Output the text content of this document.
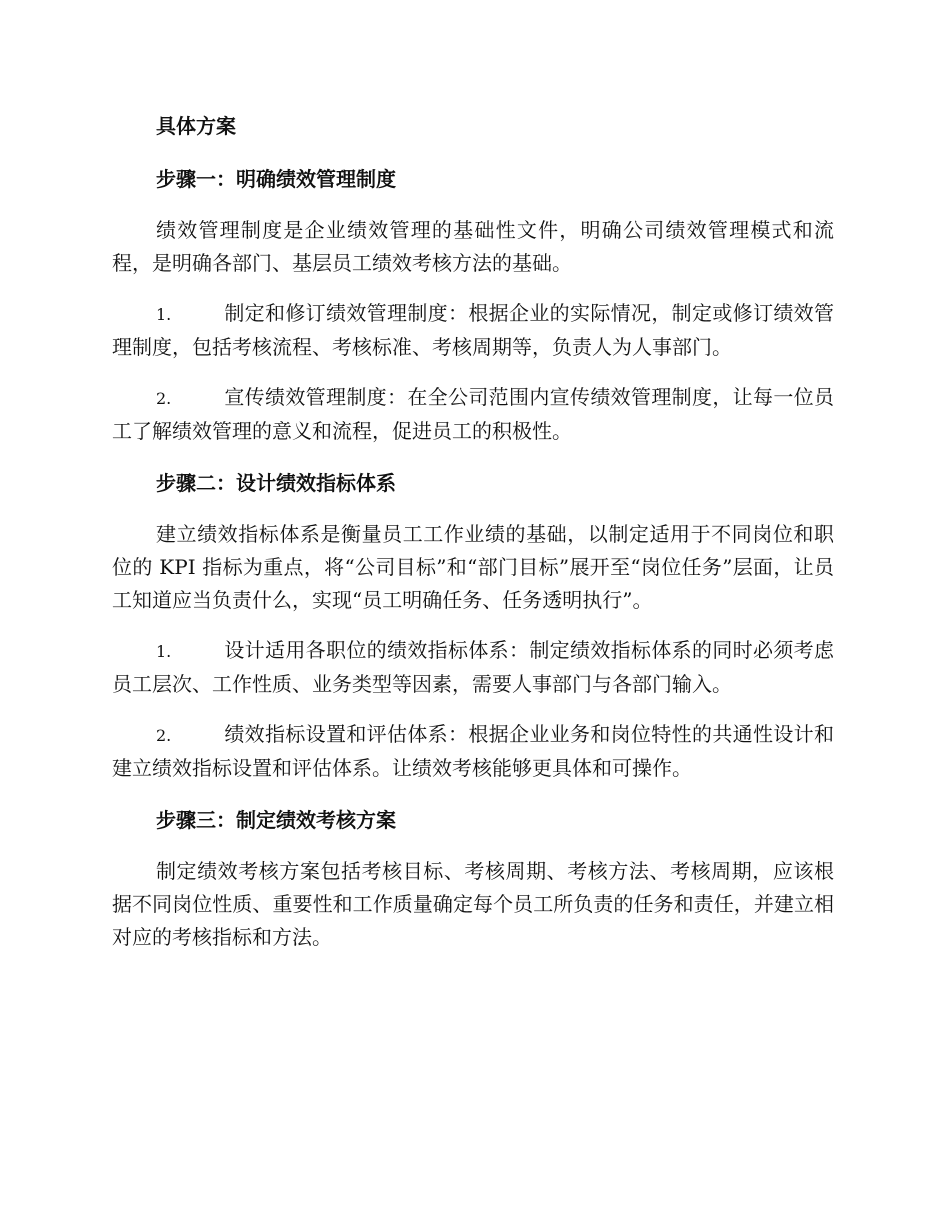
具体方案
步骤一：明确绩效管理制度

绩效管理制度是企业绩效管理的基础性文件，明确公司绩效管理模式和流程，是明确各部门、基层员工绩效考核方法的基础。

1.	制定和修订绩效管理制度：根据企业的实际情况，制定或修订绩效管理制度，包括考核流程、考核标准、考核周期等，负责人为人事部门。

2.	宣传绩效管理制度：在全公司范围内宣传绩效管理制度，让每一位员工了解绩效管理的意义和流程，促进员工的积极性。

步骤二：设计绩效指标体系

建立绩效指标体系是衡量员工工作业绩的基础，以制定适用于不同岗位和职位的 KPI 指标为重点，将“公司目标”和“部门目标”展开至“岗位任务”层面，让员工知道应当负责什么，实现“员工明确任务、任务透明执行”。

1.	设计适用各职位的绩效指标体系：制定绩效指标体系的同时必须考虑员工层次、工作性质、业务类型等因素，需要人事部门与各部门输入。

2.	绩效指标设置和评估体系：根据企业业务和岗位特性的共通性设计和建立绩效指标设置和评估体系。让绩效考核能够更具体和可操作。

步骤三：制定绩效考核方案

制定绩效考核方案包括考核目标、考核周期、考核方法、考核周期，应该根据不同岗位性质、重要性和工作质量确定每个员工所负责的任务和责任，并建立相对应的考核指标和方法。
